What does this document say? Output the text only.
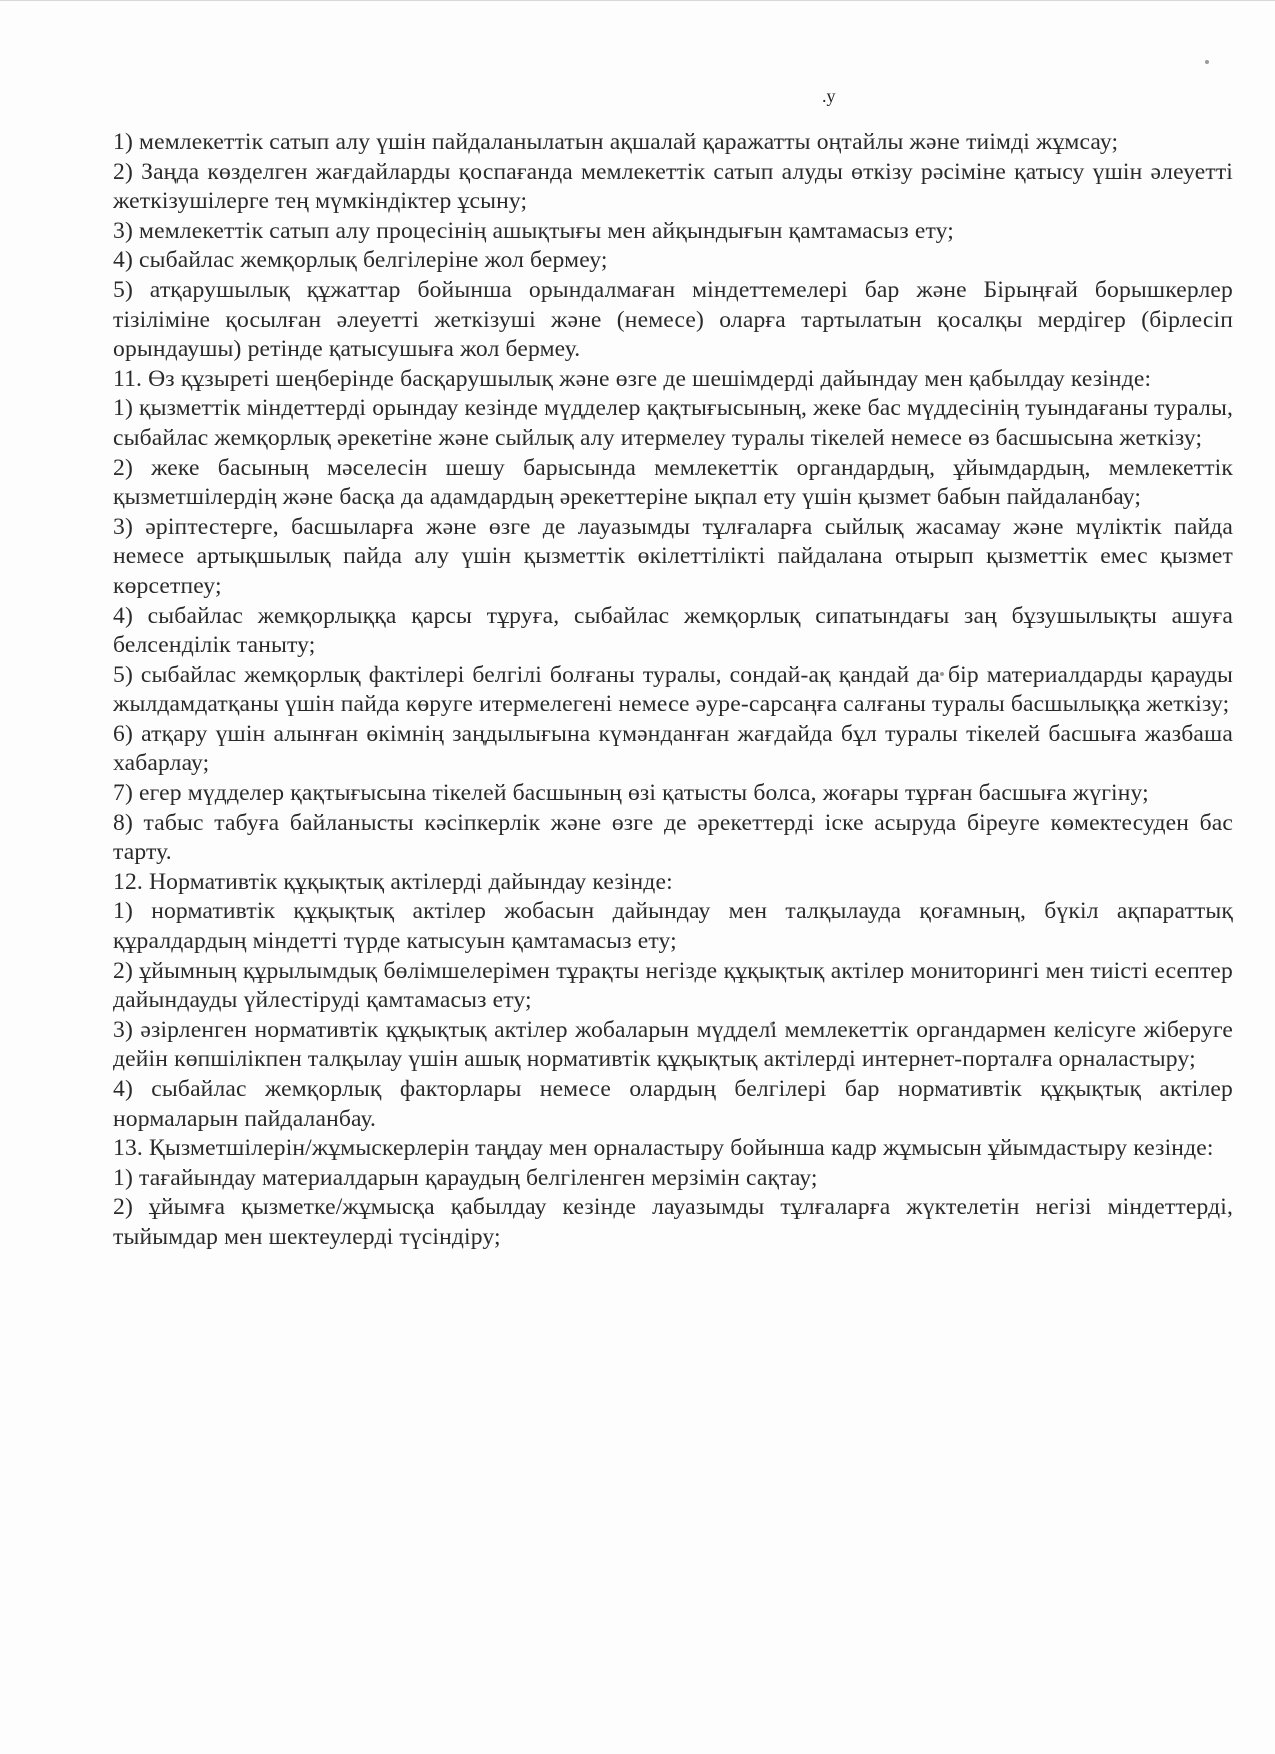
.у

1) мемлекеттік сатып алу үшін пайдаланылатын ақшалай қаражатты оңтайлы және тиімді жұмсау;

2) Заңда көзделген жағдайларды қоспағанда мемлекеттік сатып алуды өткізу рәсіміне қатысу үшін әлеуетті жеткізушілерге тең мүмкіндіктер ұсыну;

3) мемлекеттік сатып алу процесінің ашықтығы мен айқындығын қамтамасыз ету;

4) сыбайлас жемқорлық белгілеріне жол бермеу;

5) атқарушылық құжаттар бойынша орындалмаған міндеттемелері бар және Бірыңғай борышкерлер тізіліміне қосылған әлеуетті жеткізуші және (немесе) оларға тартылатын қосалқы мердігер (бірлесіп орындаушы) ретінде қатысушыға жол бермеу.

11. Өз құзыреті шеңберінде басқарушылық және өзге де шешімдерді дайындау мен қабылдау кезінде:

1) қызметтік міндеттерді орындау кезінде мүдделер қақтығысының, жеке бас мүддесінің туындағаны туралы, сыбайлас жемқорлық әрекетіне және сыйлық алу итермелеу туралы тікелей немесе өз басшысына жеткізу;

2) жеке басының мәселесін шешу барысында мемлекеттік органдардың, ұйымдардың, мемлекеттік қызметшілердің және басқа да адамдардың әрекеттеріне ықпал ету үшін қызмет бабын пайдаланбау;

3) әріптестерге, басшыларға және өзге де лауазымды тұлғаларға сыйлық жасамау және мүліктік пайда немесе артықшылық пайда алу үшін қызметтік өкілеттілікті пайдалана отырып қызметтік емес қызмет көрсетпеу;

4) сыбайлас жемқорлыққа қарсы тұруға, сыбайлас жемқорлық сипатындағы заң бұзушылықты ашуға белсенділік таныту;

5) сыбайлас жемқорлық фактілері белгілі болғаны туралы, сондай-ақ қандай да бір материалдарды қарауды жылдамдатқаны үшін пайда көруге итермелегені немесе әуре-сарсаңға салғаны туралы басшылыққа жеткізу;

6) атқару үшін алынған өкімнің заңдылығына күмәнданған жағдайда бұл туралы тікелей басшыға жазбаша хабарлау;

7) егер мүдделер қақтығысына тікелей басшының өзі қатысты болса, жоғары тұрған басшыға жүгіну;

8) табыс табуға байланысты кәсіпкерлік және өзге де әрекеттерді іске асыруда біреуге көмектесуден бас тарту.

12. Нормативтік құқықтық актілерді дайындау кезінде:

1) нормативтік құқықтық актілер жобасын дайындау мен талқылауда қоғамның, бүкіл ақпараттық құралдардың міндетті түрде катысуын қамтамасыз ету;

2) ұйымның құрылымдық бөлімшелерімен тұрақты негізде құқықтық актілер мониторингі мен тиісті есептер дайындауды үйлестіруді қамтамасыз ету;

3) әзірленген нормативтік құқықтық актілер жобаларын мүдделі мемлекеттік органдармен келісуге жіберуге дейін көпшілікпен талқылау үшін ашық нормативтік құқықтық актілерді интернет-порталға орналастыру;

4) сыбайлас жемқорлық факторлары немесе олардың белгілері бар нормативтік құқықтық актілер нормаларын пайдаланбау.

13. Қызметшілерін/жұмыскерлерін таңдау мен орналастыру бойынша кадр жұмысын ұйымдастыру кезінде:

1) тағайындау материалдарын қараудың белгіленген мерзімін сақтау;

2) ұйымға қызметке/жұмысқа қабылдау кезінде лауазымды тұлғаларға жүктелетін негізі міндеттерді, тыйымдар мен шектеулерді түсіндіру;
